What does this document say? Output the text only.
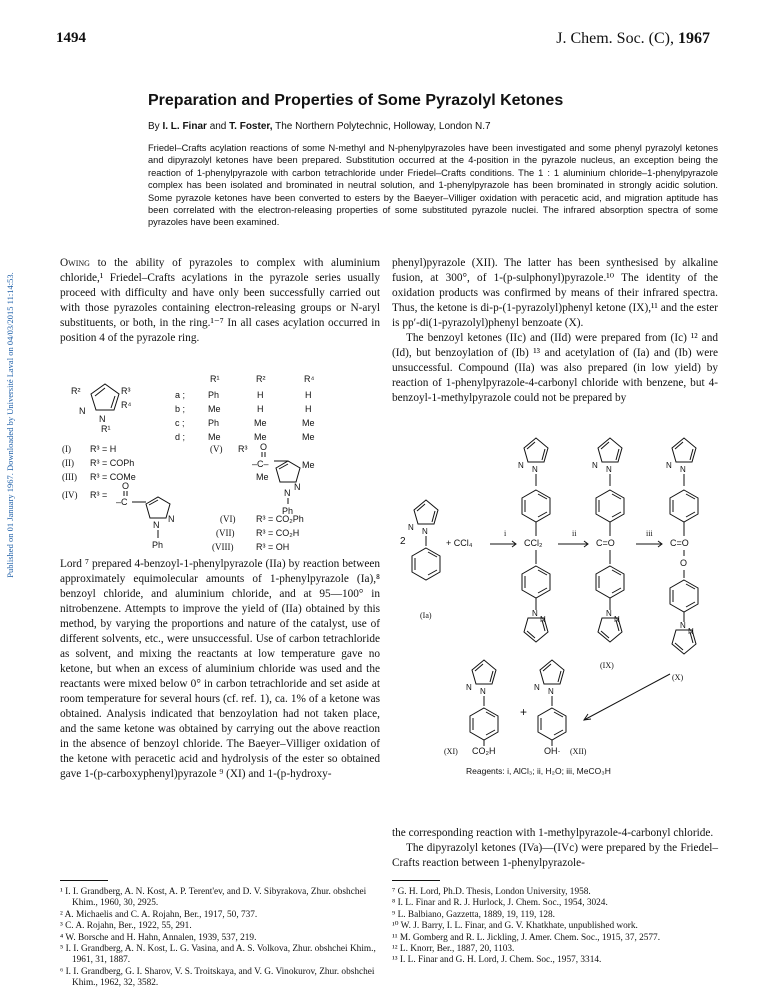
1494	J. Chem. Soc. (C), 1967
Published on 01 January 1967. Downloaded by Université Laval on 04/03/2015 11:14:53.
Preparation and Properties of Some Pyrazolyl Ketones
By I. L. Finar and T. Foster, The Northern Polytechnic, Holloway, London N.7
Friedel–Crafts acylation reactions of some N-methyl and N-phenylpyrazoles have been investigated and some phenyl pyrazolyl ketones and dipyrazolyl ketones have been prepared. Substitution occurred at the 4-position in the pyrazole nucleus, an exception being the reaction of 1-phenylpyrazole with carbon tetrachloride under Friedel–Crafts conditions. The 1 : 1 aluminium chloride–1-phenylpyrazole complex has been isolated and brominated in neutral solution, and 1-phenylpyrazole has been brominated in strongly acidic solution. Some pyrazole ketones have been converted to esters by the Baeyer–Villiger oxidation with peracetic acid, and migration aptitude has been correlated with the electron-releasing properties of some substituted pyrazole nuclei. The infrared absorption spectra of some pyrazoles have been examined.

Owing to the ability of pyrazoles to complex with aluminium chloride,¹ Friedel–Crafts acylations in the pyrazole series usually proceed with difficulty and have only been successfully carried out with those pyrazoles containing electron-releasing groups or N-aryl substituents, or both, in the ring.¹⁻⁷ In all cases acylation occurred in position 4 of the pyrazole ring.

R²	R³
R⁴
N
N
R¹
R¹	R²	R⁴
a ;	Ph	H	H
b ;	Me	H	H
c ;	Ph	Me	Me
d ;	Me	Me	Me
(I) R³ = H
(II) R³ = COPh
(III) R³ = COMe
(IV) R³ =
O
–C
N
N
Ph
(V) R³ O
–C–	Me
Me
N
N
Ph
(VI) R³ = CO₂Ph
(VII) R³ = CO₂H
(VIII)	R³ = OH

Lord ⁷ prepared 4-benzoyl-1-phenylpyrazole (IIa) by reaction between approximately equimolecular amounts of 1-phenylpyrazole (Ia),⁸ benzoyl chloride, and aluminium chloride, and at 95—100° in nitrobenzene. Attempts to improve the yield of (IIa) obtained by this method, by varying the proportions and nature of the catalyst, use of different solvents, etc., were unsuccessful. Use of carbon tetrachloride as solvent, and mixing the reactants at low temperature gave no ketone, but when an excess of aluminium chloride was used and the reactants were mixed below 0° in carbon tetrachloride and set aside at room temperature for several hours (cf. ref. 1), ca. 1% of a ketone was obtained. Analysis indicated that benzoylation had not taken place, and the same ketone was obtained by carrying out the above reaction in the absence of benzoyl chloride. The Baeyer–Villiger oxidation of the ketone with peracetic acid and hydrolysis of the ester so obtained gave 1-(p-carboxyphenyl)pyrazole ⁹ (XI) and 1-(p-hydroxy-

phenyl)pyrazole (XII). The latter has been synthesised by alkaline fusion, at 300°, of 1-(p-sulphonyl)pyrazole.¹⁰ The identity of the oxidation products was confirmed by means of their infrared spectra. Thus, the ketone is di-p-(1-pyrazolyl)phenyl ketone (IX),¹¹ and the ester is pp′-di(1-pyrazolyl)phenyl benzoate (X).

The benzoyl ketones (IIc) and (IId) were prepared from (Ic) ¹² and (Id), but benzoylation of (Ib) ¹³ and acetylation of (Ia) and (Ib) were unsuccessful. Compound (IIa) was also prepared (in low yield) by reaction of 1-phenylpyrazole-4-carbonyl chloride with benzene, but 4-benzoyl-1-methylpyrazole could not be prepared by

N	N
N
N
2
(Ia)
+ CCl₄
i
CCl₂
ii
C=O
(IX)
iii
C=O
O
(X)
CO₂H
(XI)
+
OH· (XII)
Reagents: i, AlCl₃; ii, H₂O; iii, MeCO₃H

the corresponding reaction with 1-methylpyrazole-4-carbonyl chloride.

The dipyrazolyl ketones (IVa)—(IVc) were prepared by the Friedel–Crafts reaction between 1-phenylpyrazole-

¹ I. I. Grandberg, A. N. Kost, A. P. Terent'ev, and D. V. Sibyrakova, Zhur. obshchei Khim., 1960, 30, 2925.
² A. Michaelis and C. A. Rojahn, Ber., 1917, 50, 737.
³ C. A. Rojahn, Ber., 1922, 55, 291.
⁴ W. Borsche and H. Hahn, Annalen, 1939, 537, 219.
⁵ I. I. Grandberg, A. N. Kost, L. G. Vasina, and A. S. Volkova, Zhur. obshchei Khim., 1961, 31, 1887.
⁶ I. I. Grandberg, G. I. Sharov, V. S. Troitskaya, and V. G. Vinokurov, Zhur. obshchei Khim., 1962, 32, 3582.
⁷ G. H. Lord, Ph.D. Thesis, London University, 1958.
⁸ I. L. Finar and R. J. Hurlock, J. Chem. Soc., 1954, 3024.
⁹ L. Balbiano, Gazzetta, 1889, 19, 119, 128.
¹⁰ W. J. Barry, I. L. Finar, and G. V. Khatkhate, unpublished work.
¹¹ M. Gomberg and R. L. Jickling, J. Amer. Chem. Soc., 1915, 37, 2577.
¹² L. Knorr, Ber., 1887, 20, 1103.
¹³ I. L. Finar and G. H. Lord, J. Chem. Soc., 1957, 3314.
